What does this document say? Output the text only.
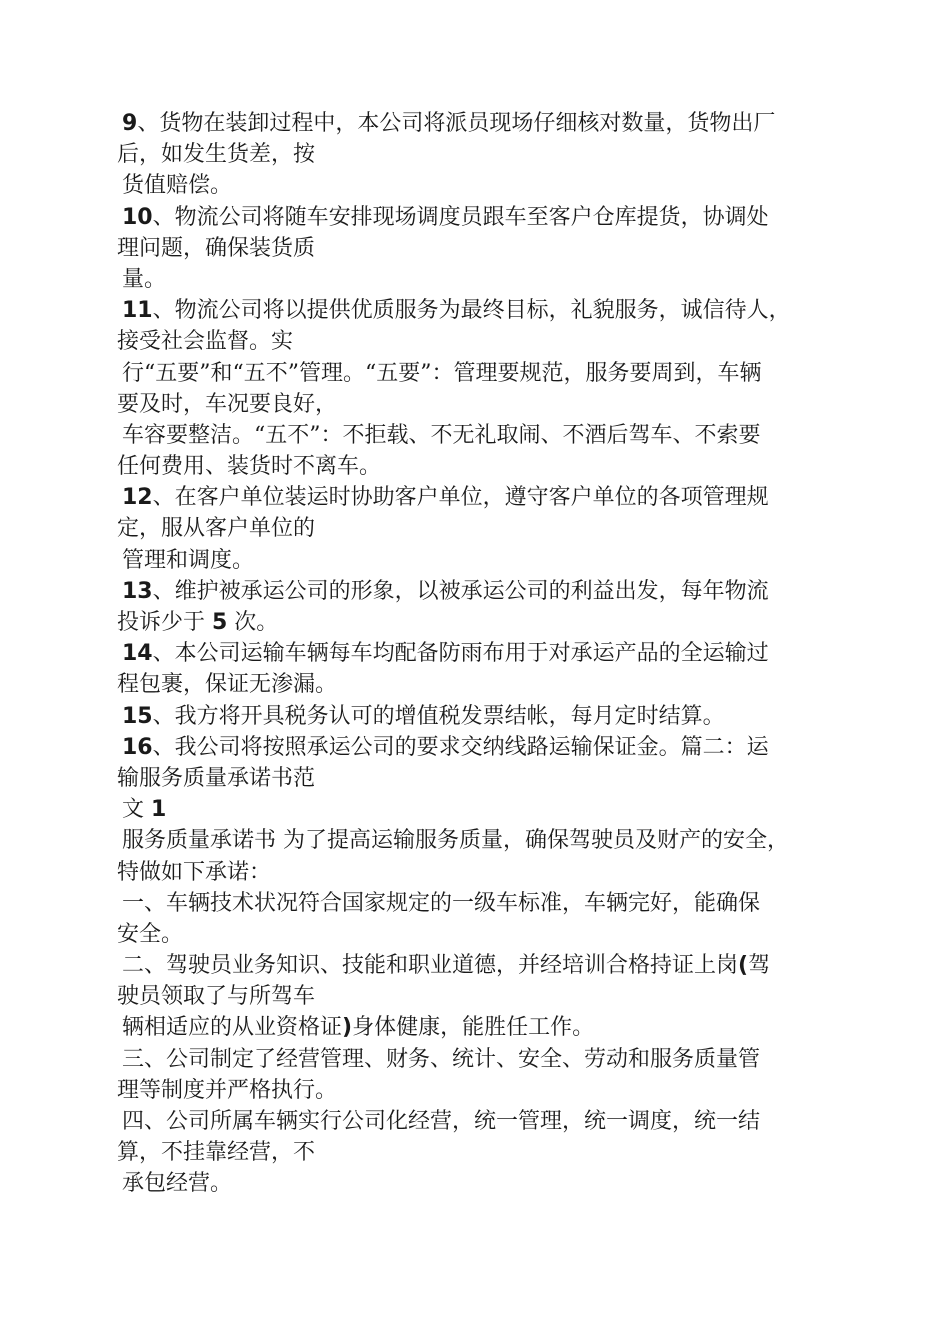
9、货物在装卸过程中，本公司将派员现场仔细核对数量，货物出厂
后，如发生货差，按
货值赔偿。
10、物流公司将随车安排现场调度员跟车至客户仓库提货，协调处
理问题，确保装货质
量。
11、物流公司将以提供优质服务为最终目标，礼貌服务，诚信待人，
接受社会监督。实
行“五要”和“五不”管理。“五要”：管理要规范，服务要周到，车辆
要及时，车况要良好，
车容要整洁。“五不”：不拒载、不无礼取闹、不酒后驾车、不索要
任何费用、装货时不离车。
12、在客户单位装运时协助客户单位，遵守客户单位的各项管理规
定，服从客户单位的
管理和调度。
13、维护被承运公司的形象，以被承运公司的利益出发，每年物流
投诉少于 5 次。
14、本公司运输车辆每车均配备防雨布用于对承运产品的全运输过
程包裹，保证无渗漏。
15、我方将开具税务认可的增值税发票结帐，每月定时结算。
16、我公司将按照承运公司的要求交纳线路运输保证金。篇二：运
输服务质量承诺书范
文 1
服务质量承诺书 为了提高运输服务质量，确保驾驶员及财产的安全，
特做如下承诺：
一、车辆技术状况符合国家规定的一级车标准，车辆完好，能确保
安全。
二、驾驶员业务知识、技能和职业道德，并经培训合格持证上岗(驾
驶员领取了与所驾车
辆相适应的从业资格证)身体健康，能胜任工作。
三、公司制定了经营管理、财务、统计、安全、劳动和服务质量管
理等制度并严格执行。
四、公司所属车辆实行公司化经营，统一管理，统一调度，统一结
算，不挂靠经营，不
承包经营。
